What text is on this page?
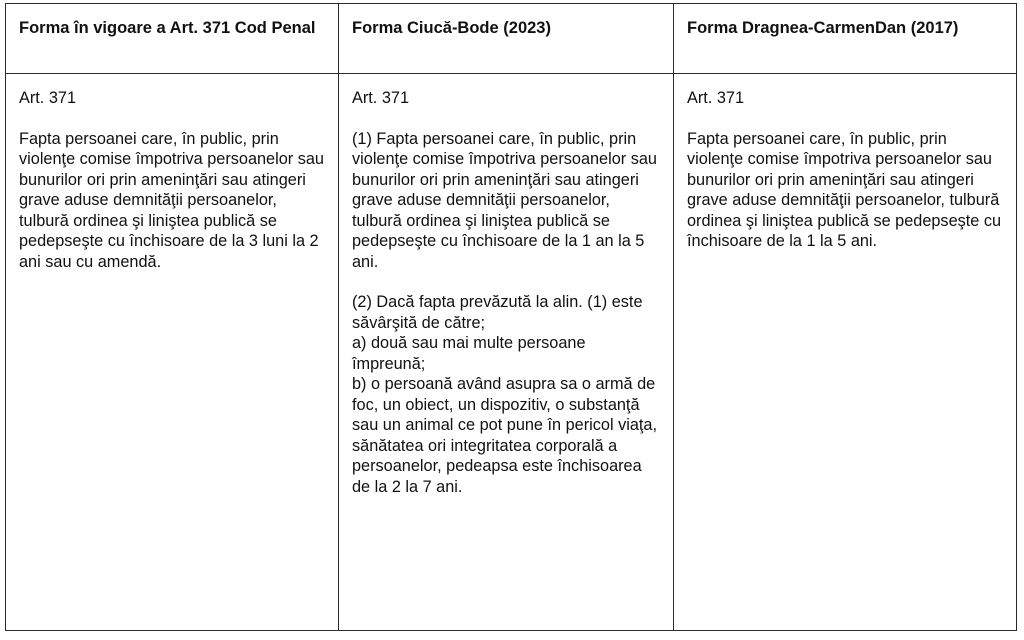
Forma în vigoare a Art. 371 Cod Penal	Forma Ciucă-Bode (2023)	Forma Dragnea-CarmenDan (2017)
Art. 371
Fapta persoanei care, în public, prin violenţe comise împotriva persoanelor sau bunurilor ori prin ameninţări sau atingeri grave aduse demnităţii persoanelor, tulbură ordinea şi liniştea publică se pedepseşte cu închisoare de la 3 luni la 2 ani sau cu amendă.
Art. 371
(1) Fapta persoanei care, în public, prin violenţe comise împotriva persoanelor sau bunurilor ori prin ameninţări sau atingeri grave aduse demnităţii persoanelor, tulbură ordinea şi liniştea publică se pedepseşte cu închisoare de la 1 an la 5 ani.
(2) Dacă fapta prevăzută la alin. (1) este săvârşită de către;
a) două sau mai multe persoane împreună;
b) o persoană având asupra sa o armă de foc, un obiect, un dispozitiv, o substanţă sau un animal ce pot pune în pericol viaţa, sănătatea ori integritatea corporală a persoanelor, pedeapsa este închisoarea de la 2 la 7 ani.
Art. 371
Fapta persoanei care, în public, prin violenţe comise împotriva persoanelor sau bunurilor ori prin ameninţări sau atingeri grave aduse demnităţii persoanelor, tulbură ordinea şi liniştea publică se pedepseşte cu închisoare de la 1 la 5 ani.
